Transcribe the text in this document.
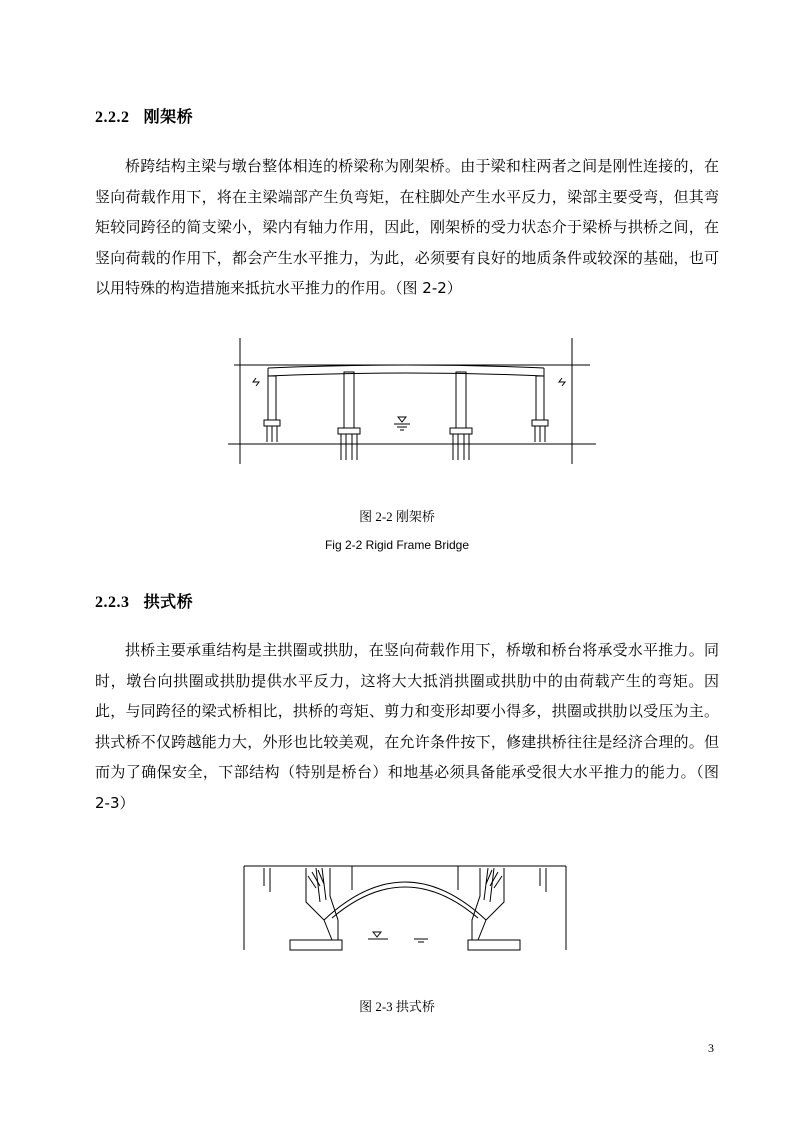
2.2.2 刚架桥

桥跨结构主梁与墩台整体相连的桥梁称为刚架桥。由于梁和柱两者之间是刚性连接的，在竖向荷载作用下，将在主梁端部产生负弯矩，在柱脚处产生水平反力，梁部主要受弯，但其弯矩较同跨径的简支梁小，梁内有轴力作用，因此，刚架桥的受力状态介于梁桥与拱桥之间，在竖向荷载的作用下，都会产生水平推力，为此，必须要有良好的地质条件或较深的基础，也可以用特殊的构造措施来抵抗水平推力的作用。（图 2-2）

图 2-2 刚架桥
Fig 2-2 Rigid Frame Bridge
2.2.3 拱式桥

拱桥主要承重结构是主拱圈或拱肋，在竖向荷载作用下，桥墩和桥台将承受水平推力。同时，墩台向拱圈或拱肋提供水平反力，这将大大抵消拱圈或拱肋中的由荷载产生的弯矩。因此，与同跨径的梁式桥相比，拱桥的弯矩、剪力和变形却要小得多，拱圈或拱肋以受压为主。拱式桥不仅跨越能力大，外形也比较美观，在允许条件按下，修建拱桥往往是经济合理的。但而为了确保安全，下部结构（特别是桥台）和地基必须具备能承受很大水平推力的能力。（图 2-3）

图 2-3 拱式桥
3
